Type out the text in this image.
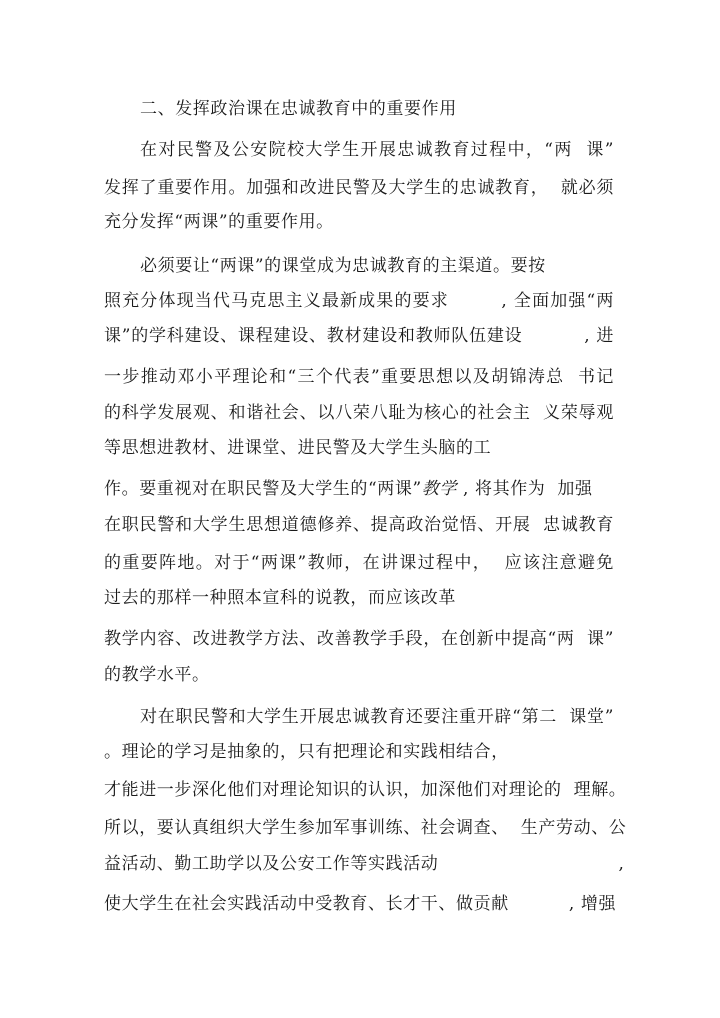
二、发挥政治课在忠诚教育中的重要作用
在对民警及公安院校大学生开展忠诚教育过程中，“两  课”
发挥了重要作用。加强和改进民警及大学生的忠诚教育，  就必须
充分发挥“两课”的重要作用。
必须要让“两课”的课堂成为忠诚教育的主渠道。要按
照充分体现当代马克思主义最新成果的要求        , 全面加强“两
课”的学科建设、课程建设、教材建设和教师队伍建设          , 进
一步推动邓小平理论和“三个代表”重要思想以及胡锦涛总  书记
的科学发展观、和谐社会、以八荣八耻为核心的社会主  义荣辱观
等思想进教材、进课堂、进民警及大学生头脑的工
作。要重视对在职民警及大学生的“两课” 教学 , 将其作为  加强
在职民警和大学生思想道德修养、提高政治觉悟、开展  忠诚教育
的重要阵地。对于“两课”教师，在讲课过程中，  应该注意避免
过去的那样一种照本宣科的说教，而应该改革
教学内容、改进教学方法、改善教学手段，在创新中提高“两  课”
的教学水平。
对在职民警和大学生开展忠诚教育还要注重开辟“第二  课堂”
。理论的学习是抽象的，只有把理论和实践相结合，
才能进一步深化他们对理论知识的认识，加深他们对理论的  理解。
所以，要认真组织大学生参加军事训练、社会调查、  生产劳动、公
益活动、勤工助学以及公安工作等实践活动                              ,
使大学生在社会实践活动中受教育、长才干、做贡献          , 增强
